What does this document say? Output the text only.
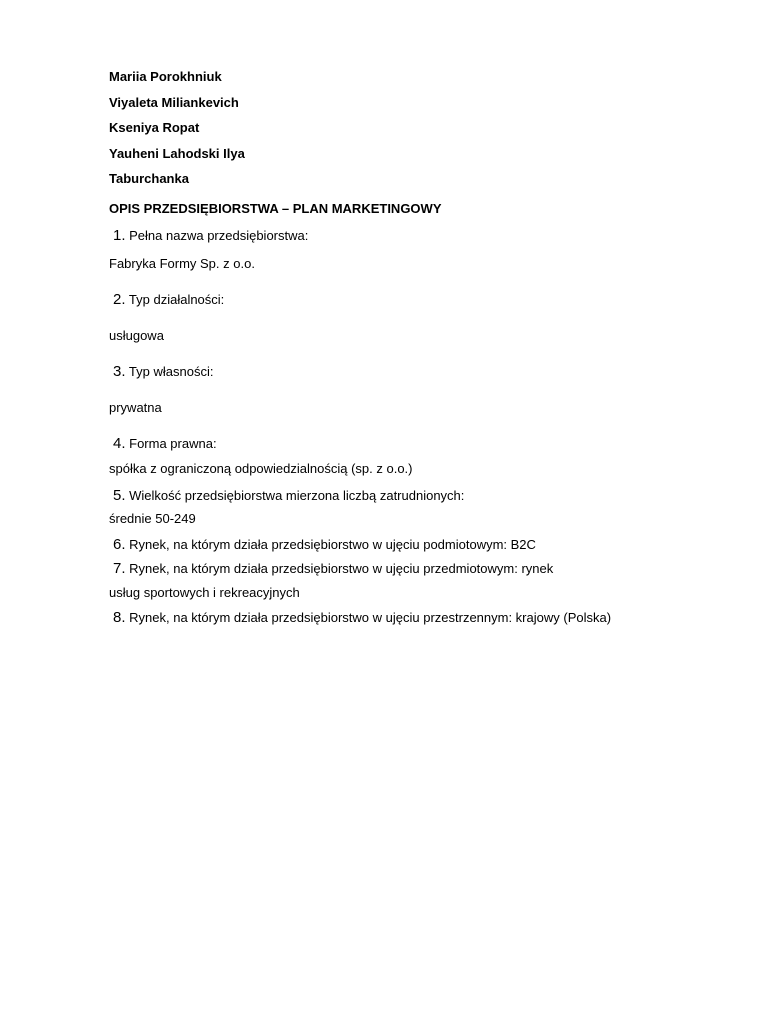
Mariia Porokhniuk
Viyaleta Miliankevich
Kseniya Ropat
Yauheni Lahodski Ilya
Taburchanka
OPIS PRZEDSIĘBIORSTWA – PLAN MARKETINGOWY
1. Pełna nazwa przedsiębiorstwa:
Fabryka Formy Sp. z o.o.
2. Typ działalności:
usługowa
3. Typ własności:
prywatna
4. Forma prawna:
spółka z ograniczoną odpowiedzialnością (sp. z o.o.)
5. Wielkość przedsiębiorstwa mierzona liczbą zatrudnionych:
średnie 50-249
6. Rynek, na którym działa przedsiębiorstwo w ujęciu podmiotowym: B2C
7. Rynek, na którym działa przedsiębiorstwo w ujęciu przedmiotowym: rynek
usług sportowych i rekreacyjnych
8. Rynek, na którym działa przedsiębiorstwo w ujęciu przestrzennym: krajowy (Polska)
